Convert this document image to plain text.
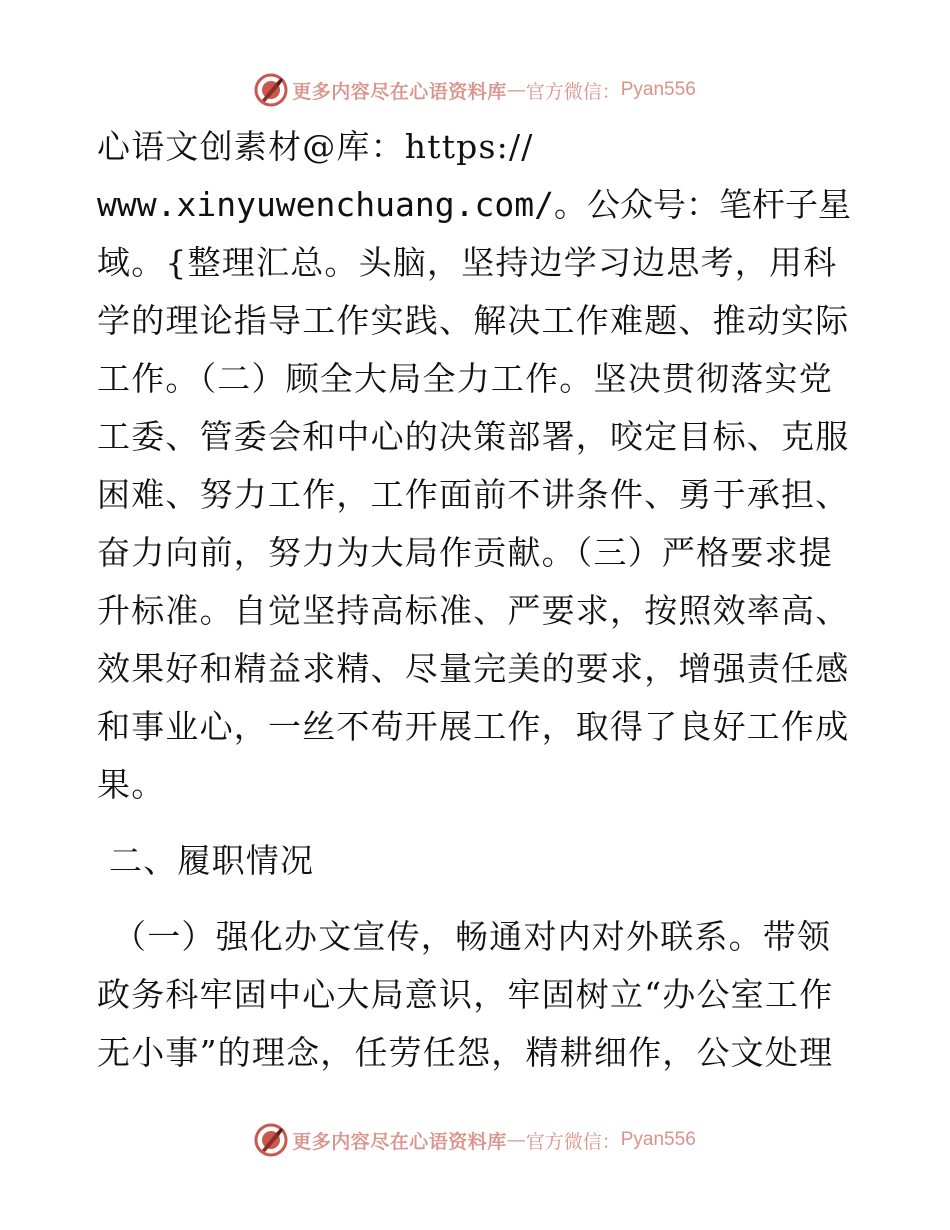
更多内容尽在心语资料库 — 官方微信： Pyan556
心语文创素材@库：https://
www.xinyuwenchuang.com/。公众号：笔杆子星
域。{整理汇总。头脑，坚持边学习边思考，用科
学的理论指导工作实践、解决工作难题、推动实际
工作。（二）顾全大局全力工作。坚决贯彻落实党
工委、管委会和中心的决策部署，咬定目标、克服
困难、努力工作，工作面前不讲条件、勇于承担、
奋力向前，努力为大局作贡献。（三）严格要求提
升标准。自觉坚持高标准、严要求，按照效率高、
效果好和精益求精、尽量完美的要求，增强责任感
和事业心，一丝不苟开展工作，取得了良好工作成
果。
二、履职情况
（一）强化办文宣传，畅通对内对外联系。带领
政务科牢固中心大局意识，牢固树立“办公室工作
无小事”的理念，任劳任怨，精耕细作，公文处理
更多内容尽在心语资料库 — 官方微信： Pyan556
